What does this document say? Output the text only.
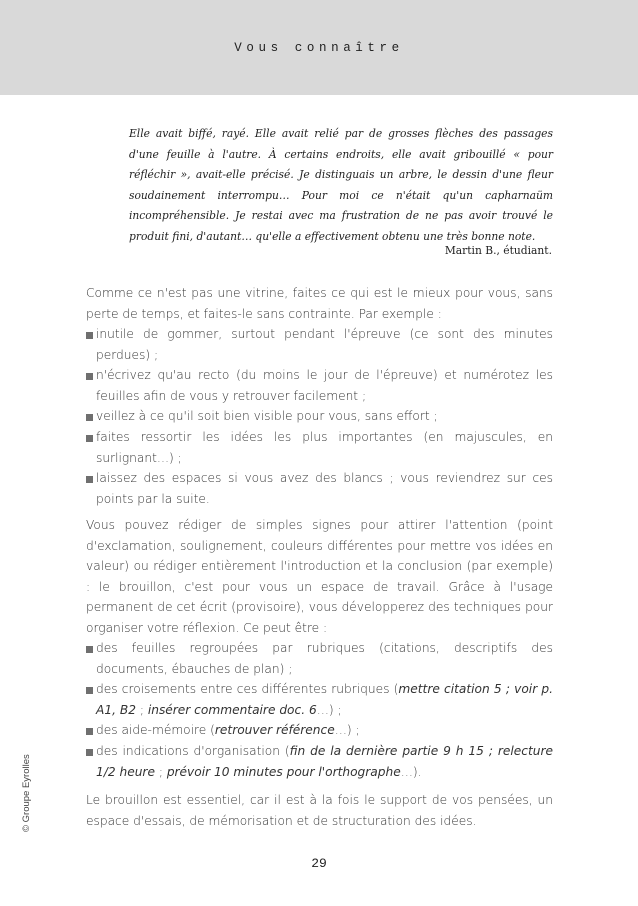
Vous connaître
Elle avait biffé, rayé. Elle avait relié par de grosses flèches des passages d'une feuille à l'autre. À certains endroits, elle avait gribouillé « pour réfléchir », avait-elle précisé. Je distinguais un arbre, le dessin d'une fleur soudainement interrompu… Pour moi ce n'était qu'un capharnaüm incompréhensible. Je restai avec ma frustration de ne pas avoir trouvé le produit fini, d'autant… qu'elle a effectivement obtenu une très bonne note.
Martin B., étudiant.
Comme ce n'est pas une vitrine, faites ce qui est le mieux pour vous, sans perte de temps, et faites-le sans contrainte. Par exemple :
inutile de gommer, surtout pendant l'épreuve (ce sont des minutes perdues) ;
n'écrivez qu'au recto (du moins le jour de l'épreuve) et numérotez les feuilles afin de vous y retrouver facilement ;
veillez à ce qu'il soit bien visible pour vous, sans effort ;
faites ressortir les idées les plus importantes (en majuscules, en surlignant…) ;
laissez des espaces si vous avez des blancs ; vous reviendrez sur ces points par la suite.
Vous pouvez rédiger de simples signes pour attirer l'attention (point d'exclamation, soulignement, couleurs différentes pour mettre vos idées en valeur) ou rédiger entièrement l'introduction et la conclusion (par exemple) : le brouillon, c'est pour vous un espace de travail. Grâce à l'usage permanent de cet écrit (provisoire), vous développerez des techniques pour organiser votre réflexion. Ce peut être :
des feuilles regroupées par rubriques (citations, descriptifs des documents, ébauches de plan) ;
des croisements entre ces différentes rubriques (mettre citation 5 ; voir p. A1, B2 ; insérer commentaire doc. 6…) ;
des aide-mémoire (retrouver référence…) ;
des indications d'organisation (fin de la dernière partie 9 h 15 ; relecture 1/2 heure ; prévoir 10 minutes pour l'orthographe…).
Le brouillon est essentiel, car il est à la fois le support de vos pensées, un espace d'essais, de mémorisation et de structuration des idées.
© Groupe Eyrolles
29
